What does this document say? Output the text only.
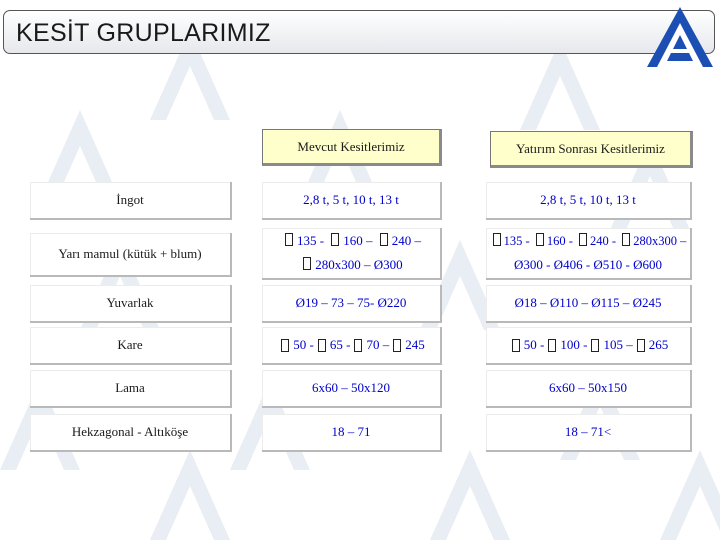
KESİT GRUPLARIMIZ
Mevcut Kesitlerimiz	Yatırım Sonrası Kesitlerimiz
İngot
Yarı mamul (kütük + blum)
Yuvarlak
Kare
Lama
Hekzagonal - Altıköşe
2,8 t, 5 t, 10 t, 13 t
135 - 160 – 240 –
280x300 – Ø300
Ø19 – 73 – 75- Ø220
50 - 65 - 70 – 245
6x60 – 50x120
18 – 71
2,8 t, 5 t, 10 t, 13 t
135 - 160 - 240 - 280x300 –
Ø300 - Ø406 - Ø510 - Ø600
Ø18 – Ø110 – Ø115 – Ø245
50 - 100 - 105 – 265
6x60 – 50x150
18 – 71<
